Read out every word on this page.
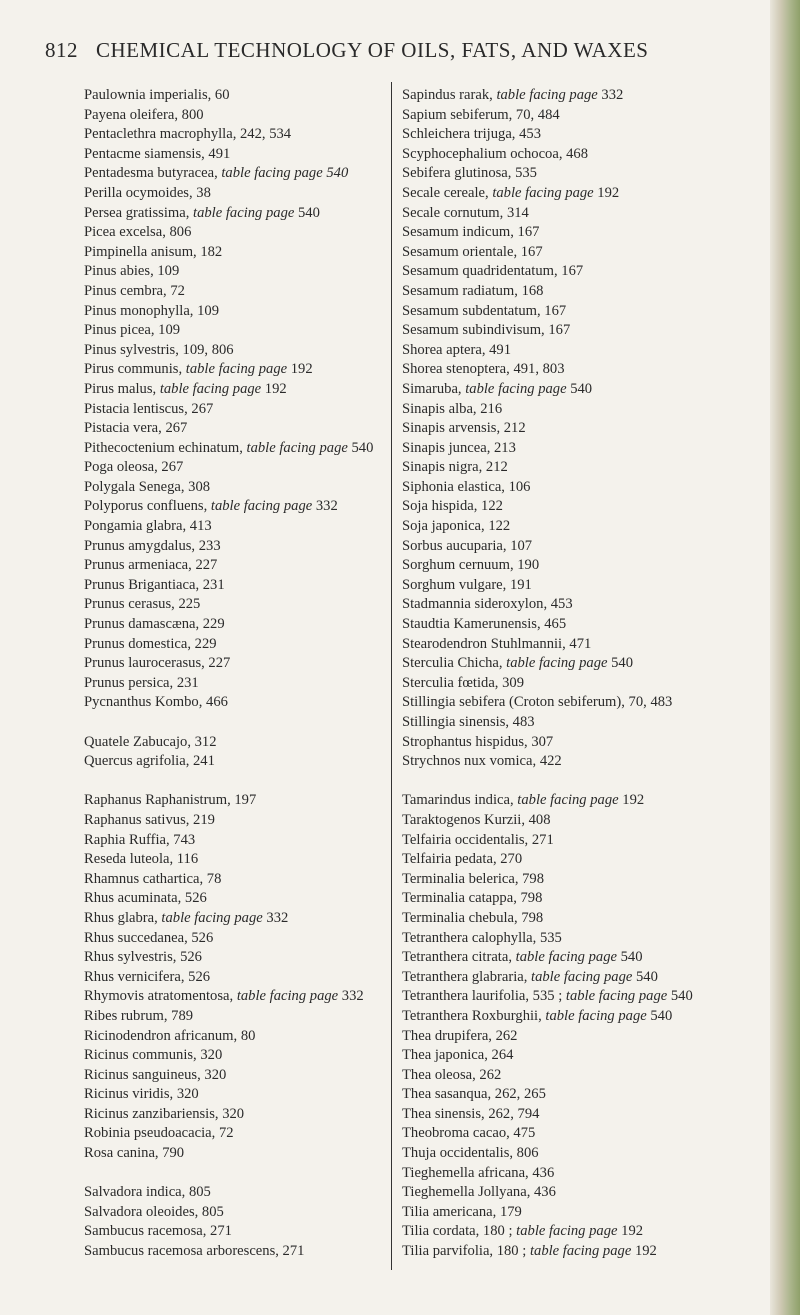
812 CHEMICAL TECHNOLOGY OF OILS, FATS, AND WAXES
Paulownia imperialis, 60
Payena oleifera, 800
Pentaclethra macrophylla, 242, 534
Pentacme siamensis, 491
Pentadesma butyracea, table facing page 540
Perilla ocymoides, 38
Persea gratissima, table facing page 540
Picea excelsa, 806
Pimpinella anisum, 182
Pinus abies, 109
Pinus cembra, 72
Pinus monophylla, 109
Pinus picea, 109
Pinus sylvestris, 109, 806
Pirus communis, table facing page 192
Pirus malus, table facing page 192
Pistacia lentiscus, 267
Pistacia vera, 267
Pithecoctenium echinatum, table facing page 540
Poga oleosa, 267
Polygala Senega, 308
Polyporus confluens, table facing page 332
Pongamia glabra, 413
Prunus amygdalus, 233
Prunus armeniaca, 227
Prunus Brigantiaca, 231
Prunus cerasus, 225
Prunus damascæna, 229
Prunus domestica, 229
Prunus laurocerasus, 227
Prunus persica, 231
Pycnanthus Kombo, 466
Quatele Zabucajo, 312
Quercus agrifolia, 241
Raphanus Raphanistrum, 197
Raphanus sativus, 219
Raphia Ruffia, 743
Reseda luteola, 116
Rhamnus cathartica, 78
Rhus acuminata, 526
Rhus glabra, table facing page 332
Rhus succedanea, 526
Rhus sylvestris, 526
Rhus vernicifera, 526
Rhymovis atratomentosa, table facing page 332
Ribes rubrum, 789
Ricinodendron africanum, 80
Ricinus communis, 320
Ricinus sanguineus, 320
Ricinus viridis, 320
Ricinus zanzibariensis, 320
Robinia pseudoacacia, 72
Rosa canina, 790
Salvadora indica, 805
Salvadora oleoides, 805
Sambucus racemosa, 271
Sambucus racemosa arborescens, 271
Sapindus rarak, table facing page 332
Sapium sebiferum, 70, 484
Schleichera trijuga, 453
Scyphocephalium ochocoa, 468
Sebifera glutinosa, 535
Secale cereale, table facing page 192
Secale cornutum, 314
Sesamum indicum, 167
Sesamum orientale, 167
Sesamum quadridentatum, 167
Sesamum radiatum, 168
Sesamum subdentatum, 167
Sesamum subindivisum, 167
Shorea aptera, 491
Shorea stenoptera, 491, 803
Simaruba, table facing page 540
Sinapis alba, 216
Sinapis arvensis, 212
Sinapis juncea, 213
Sinapis nigra, 212
Siphonia elastica, 106
Soja hispida, 122
Soja japonica, 122
Sorbus aucuparia, 107
Sorghum cernuum, 190
Sorghum vulgare, 191
Stadmannia sideroxylon, 453
Staudtia Kamerunensis, 465
Stearodendron Stuhlmannii, 471
Sterculia Chicha, table facing page 540
Sterculia fœtida, 309
Stillingia sebifera (Croton sebiferum), 70, 483
Stillingia sinensis, 483
Strophantus hispidus, 307
Strychnos nux vomica, 422
Tamarindus indica, table facing page 192
Taraktogenos Kurzii, 408
Telfairia occidentalis, 271
Telfairia pedata, 270
Terminalia belerica, 798
Terminalia catappa, 798
Terminalia chebula, 798
Tetranthera calophylla, 535
Tetranthera citrata, table facing page 540
Tetranthera glabraria, table facing page 540
Tetranthera laurifolia, 535 ; table facing page 540
Tetranthera Roxburghii, table facing page 540
Thea drupifera, 262
Thea japonica, 264
Thea oleosa, 262
Thea sasanqua, 262, 265
Thea sinensis, 262, 794
Theobroma cacao, 475
Thuja occidentalis, 806
Tieghemella africana, 436
Tieghemella Jollyana, 436
Tilia americana, 179
Tilia cordata, 180 ; table facing page 192
Tilia parvifolia, 180 ; table facing page 192
